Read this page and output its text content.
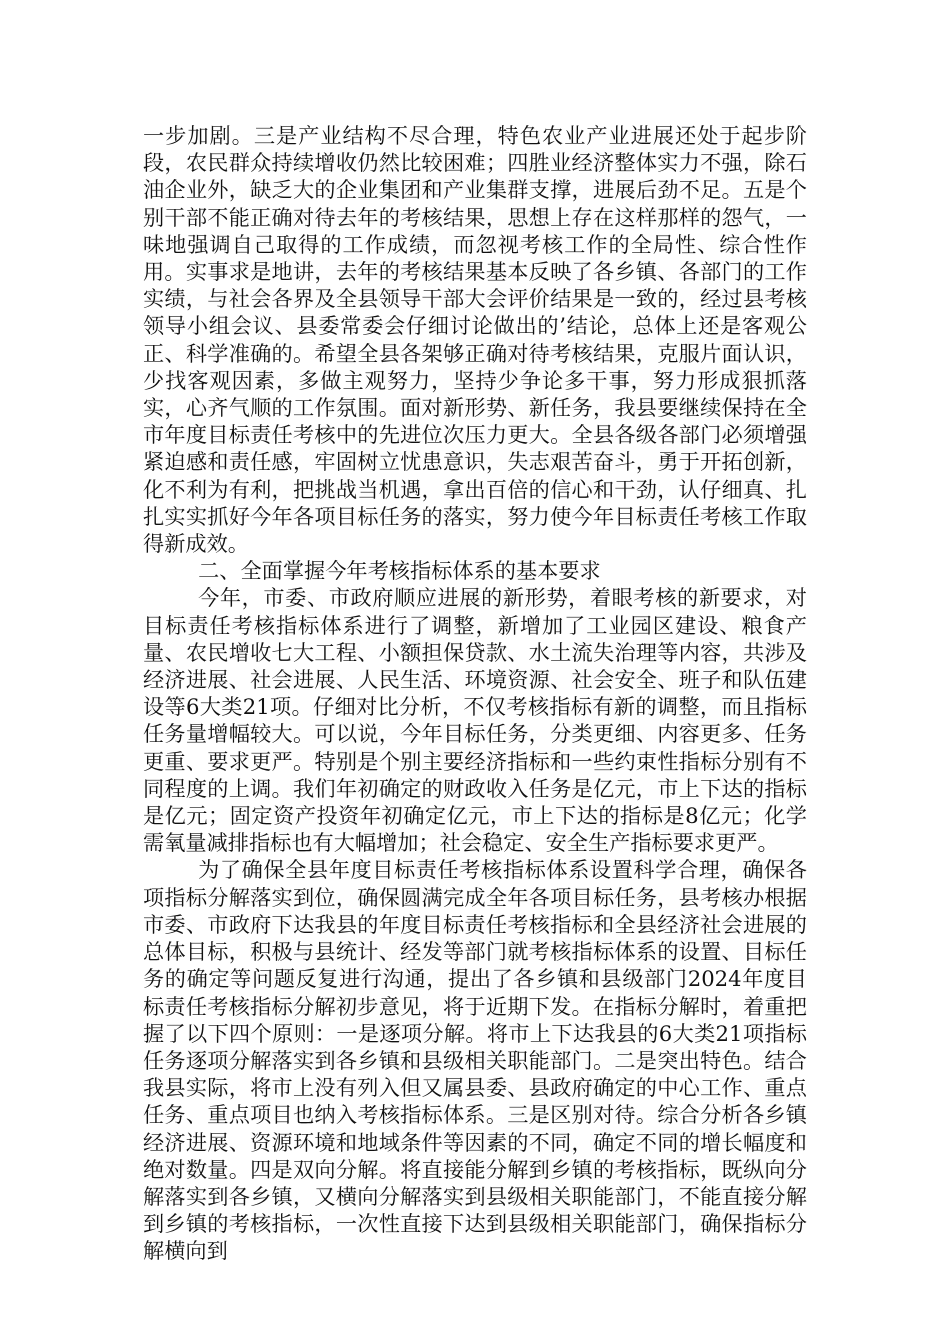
一步加剧。三是产业结构不尽合理，特色农业产业进展还处于起步阶段，农民群众持续增收仍然比较困难；四胜业经济整体实力不强，除石油企业外，缺乏大的企业集团和产业集群支撑，进展后劲不足。五是个别干部不能正确对待去年的考核结果，思想上存在这样那样的怨气，一味地强调自己取得的工作成绩，而忽视考核工作的全局性、综合性作用。实事求是地讲，去年的考核结果基本反映了各乡镇、各部门的工作实绩，与社会各界及全县领导干部大会评价结果是一致的，经过县考核领导小组会议、县委常委会仔细讨论做出的’结论，总体上还是客观公正、科学准确的。希望全县各架够正确对待考核结果，克服片面认识，少找客观因素，多做主观努力，坚持少争论多干事，努力形成狠抓落实，心齐气顺的工作氛围。面对新形势、新任务，我县要继续保持在全市年度目标责任考核中的先进位次压力更大。全县各级各部门必须增强紧迫感和责任感，牢固树立忧患意识，失志艰苦奋斗，勇于开拓创新，化不利为有利，把挑战当机遇，拿出百倍的信心和干劲，认仔细真、扎扎实实抓好今年各项目标任务的落实，努力使今年目标责任考核工作取得新成效。

二、全面掌握今年考核指标体系的基本要求

今年，市委、市政府顺应进展的新形势，着眼考核的新要求，对目标责任考核指标体系进行了调整，新增加了工业园区建设、粮食产量、农民增收七大工程、小额担保贷款、水土流失治理等内容，共涉及经济进展、社会进展、人民生活、环境资源、社会安全、班子和队伍建设等6大类21项。仔细对比分析，不仅考核指标有新的调整，而且指标任务量增幅较大。可以说，今年目标任务，分类更细、内容更多、任务更重、要求更严。特别是个别主要经济指标和一些约束性指标分别有不同程度的上调。我们年初确定的财政收入任务是亿元，市上下达的指标是亿元；固定资产投资年初确定亿元，市上下达的指标是8亿元；化学需氧量减排指标也有大幅增加；社会稳定、安全生产指标要求更严。

为了确保全县年度目标责任考核指标体系设置科学合理，确保各项指标分解落实到位，确保圆满完成全年各项目标任务，县考核办根据市委、市政府下达我县的年度目标责任考核指标和全县经济社会进展的总体目标，积极与县统计、经发等部门就考核指标体系的设置、目标任务的确定等问题反复进行沟通，提出了各乡镇和县级部门2024年度目标责任考核指标分解初步意见，将于近期下发。在指标分解时，着重把握了以下四个原则：一是逐项分解。将市上下达我县的6大类21项指标任务逐项分解落实到各乡镇和县级相关职能部门。二是突出特色。结合我县实际，将市上没有列入但又属县委、县政府确定的中心工作、重点任务、重点项目也纳入考核指标体系。三是区别对待。综合分析各乡镇经济进展、资源环境和地域条件等因素的不同，确定不同的增长幅度和绝对数量。四是双向分解。将直接能分解到乡镇的考核指标，既纵向分解落实到各乡镇，又横向分解落实到县级相关职能部门，不能直接分解到乡镇的考核指标，一次性直接下达到县级相关职能部门，确保指标分解横向到
